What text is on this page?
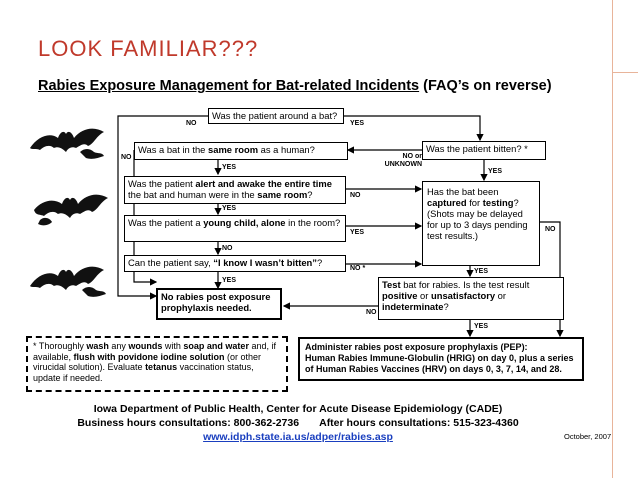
LOOK FAMILIAR???
Rabies Exposure Management for Bat-related Incidents (FAQ’s on reverse)
NO	YES
NO
YES
NO or UNKNOWN
NO
YES
YES
NO
NO *
YES
YES
NO
YES
NO
YES
Was the patient around a bat?
Was a bat in the same room as a human?
Was the patient alert and awake the entire time the bat and human were in the same room?
Was the patient a young child, alone in the room?
Can the patient say, “I know I wasn’t bitten”?
No rabies post exposure prophylaxis needed.
Was the patient bitten? *
Has the bat been captured for testing? (Shots may be delayed for up to 3 days pending test results.)
Test bat for rabies. Is the test result positive or unsatisfactory or indeterminate?
* Thoroughly wash any wounds with soap and water and, if available, flush with povidone iodine solution (or other virucidal solution). Evaluate tetanus vaccination status, update if needed.
Administer rabies post exposure prophylaxis (PEP):
Human Rabies Immune-Globulin (HRIG) on day 0, plus a series of Human Rabies Vaccines (HRV) on days 0, 3, 7, 14, and 28.
Iowa Department of Public Health, Center for Acute Disease Epidemiology (CADE)
Business hours consultations: 800-362-2736       After hours consultations: 515-323-4360
www.idph.state.ia.us/adper/rabies.asp	October, 2007
